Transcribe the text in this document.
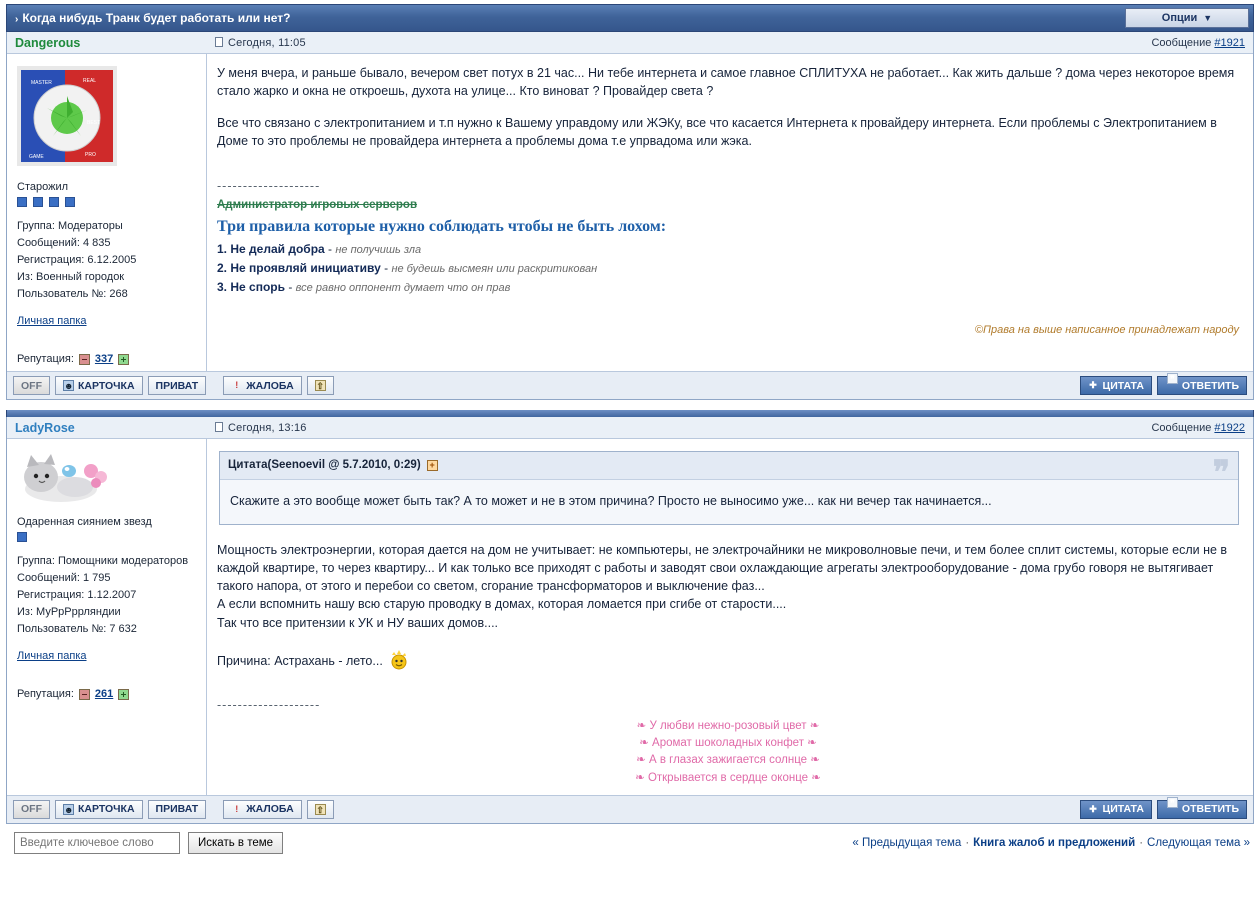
› Когда нибудь Транк будет работать или нет?	Опции ▼
Dangerous	Сегодня, 11:05	Сообщение #1921
MASTER	REAL
GAME	PRO
BEST
Старожил

Группа: Модераторы
Сообщений: 4 835
Регистрация: 6.12.2005
Из: Военный городок
Пользователь №: 268
Личная папка
Репутация: 337

У меня вчера, и раньше бывало, вечером свет потух в 21 час... Ни тебе интернета и самое главное СПЛИТУХА не работает... Как жить дальше ? дома через некоторое время стало жарко и окна не откроешь, духота на улице... Кто виноват ? Провайдер света ?

Все что связано с электропитанием и т.п нужно к Вашему управдому или ЖЭКу, все что касается Интернета к провайдеру интернета. Если проблемы с Электропитанием в Доме то это проблемы не провайдера интернета а проблемы дома т.е упрвадома или жэка.

--------------------
Администратор игровых серверов
Три правила которые нужно соблюдать чтобы не быть лохом:
1. Не делай добра - не получишь зла
2. Не проявляй инициативу - не будешь высмеян или раскритикован
3. Не спорь - все равно оппонент думает что он прав
©Права на выше написанное принадлежат народу
OFF	☻ КАРТОЧКА	ПРИВАТ	! ЖАЛОБА	⇧	✚ ЦИТАТА
❞
ОТВЕТИТЬ
LadyRose	Сегодня, 13:16	Сообщение #1922
Одаренная сиянием звезд
Группа: Помощники модераторов
Сообщений: 1 795
Регистрация: 1.12.2007
Из: МуРрРррляндии
Пользователь №: 7 632
Личная папка
Репутация: 261
Цитата(Seenoevil @ 5.7.2010, 0:29) +	❞
Скажите а это вообще может быть так? А то может и не в этом причина? Просто не выносимо уже... как ни вечер так начинается...
Мощность электроэнергии, которая дается на дом не учитывает: не компьютеры, не электрочайники не микроволновые печи, и тем более сплит системы, которые если не в каждой квартире, то через квартиру... И как только все приходят с работы и заводят свои охлаждающие агрегаты электрооборудование - дома грубо говоря не вытягивает такого напора, от этого и перебои со светом, сгорание трансформаторов и выключение фаз...
А если вспомнить нашу всю старую проводку в домах, которая ломается при сгибе от старости....
Так что все притензии к УК и НУ ваших домов....
Причина: Астрахань - лето...
--------------------
❧ У любви нежно-розовый цвет ❧
❧ Аромат шоколадных конфет ❧
❧ А в глазах зажигается солнце ❧
❧ Открывается в сердце оконце ❧
OFF	☻ КАРТОЧКА	ПРИВАТ	! ЖАЛОБА	⇧	✚ ЦИТАТА
❞
ОТВЕТИТЬ
Введите ключевое слово
Искать в теме	« Предыдущая тема · Книга жалоб и предложений · Следующая тема »
